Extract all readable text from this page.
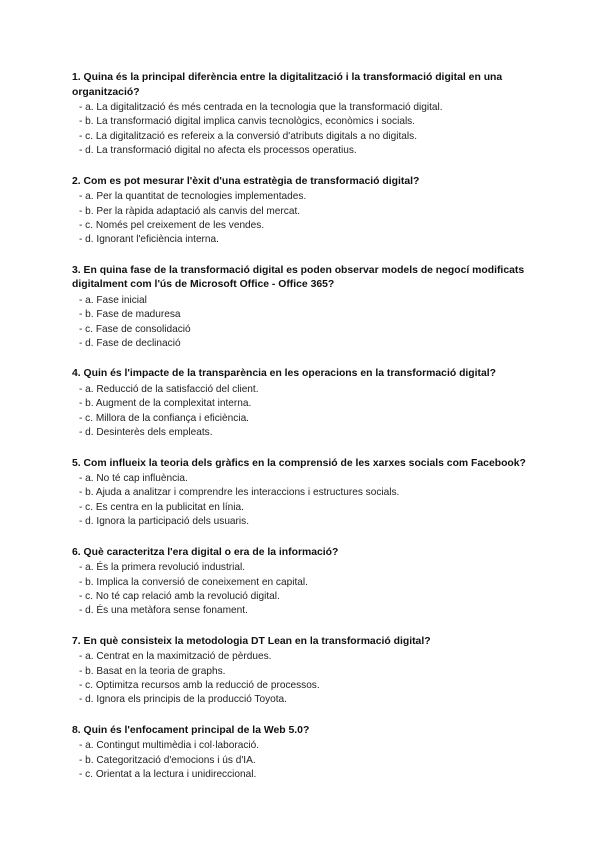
1. Quina és la principal diferència entre la digitalització i la transformació digital en una organització?

- a. La digitalització és més centrada en la tecnologia que la transformació digital.
- b. La transformació digital implica canvis tecnològics, econòmics i socials.
- c. La digitalització es refereix a la conversió d'atributs digitals a no digitals.
- d. La transformació digital no afecta els processos operatius.

2. Com es pot mesurar l'èxit d'una estratègia de transformació digital?

- a. Per la quantitat de tecnologies implementades.
- b. Per la ràpida adaptació als canvis del mercat.
- c. Només pel creixement de les vendes.
- d. Ignorant l'eficiència interna.

3. En quina fase de la transformació digital es poden observar models de negocí modificats digitalment com l'ús de Microsoft Office - Office 365?

- a. Fase inicial
- b. Fase de maduresa
- c. Fase de consolidació
- d. Fase de declinació

4. Quin és l'impacte de la transparència en les operacions en la transformació digital?

- a. Reducció de la satisfacció del client.
- b. Augment de la complexitat interna.
- c. Millora de la confiança i eficiència.
- d. Desinterès dels empleats.

5. Com influeix la teoria dels gràfics en la comprensió de les xarxes socials com Facebook?

- a. No té cap influència.
- b. Ajuda a analitzar i comprendre les interaccions i estructures socials.
- c. Es centra en la publicitat en línia.
- d. Ignora la participació dels usuaris.

6. Què caracteritza l'era digital o era de la informació?

- a. És la primera revolució industrial.
- b. Implica la conversió de coneixement en capital.
- c. No té cap relació amb la revolució digital.
- d. És una metàfora sense fonament.

7. En què consisteix la metodologia DT Lean en la transformació digital?

- a. Centrat en la maximització de pèrdues.
- b. Basat en la teoria de graphs.
- c. Optimitza recursos amb la reducció de processos.
- d. Ignora els principis de la producció Toyota.

8. Quin és l'enfocament principal de la Web 5.0?

- a. Contingut multimèdia i col·laboració.
- b. Categorització d'emocions i ús d'IA.
- c. Orientat a la lectura i unidireccional.
